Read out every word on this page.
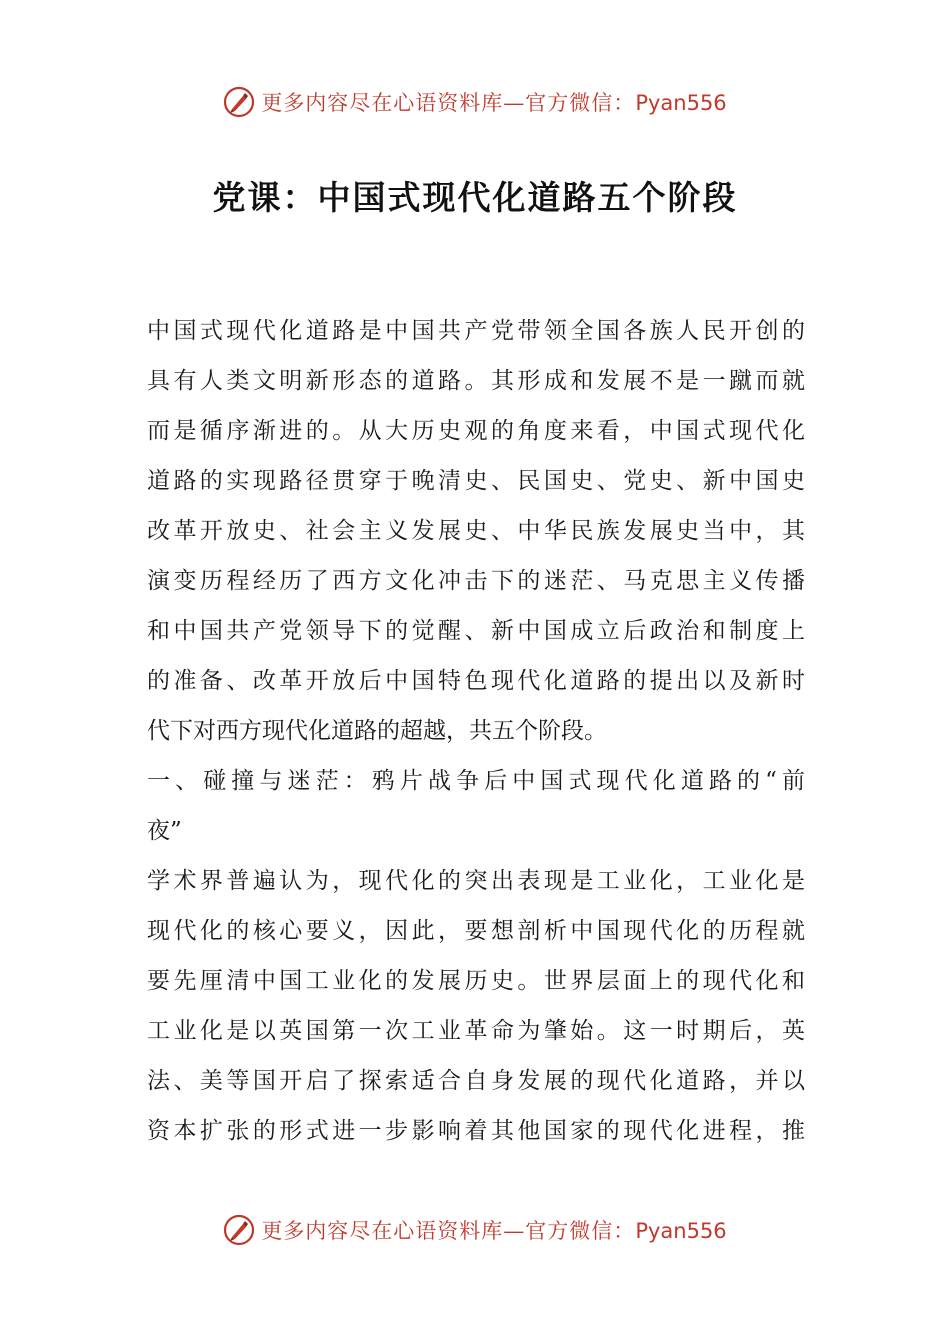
更多内容尽在心语资料库—官方微信：Pyan556
党课：中国式现代化道路五个阶段
中国式现代化道路是中国共产党带领全国各族人民开创的
具有人类文明新形态的道路。其形成和发展不是一蹴而就
而是循序渐进的。从大历史观的角度来看，中国式现代化
道路的实现路径贯穿于晚清史、民国史、党史、新中国史
改革开放史、社会主义发展史、中华民族发展史当中，其
演变历程经历了西方文化冲击下的迷茫、马克思主义传播
和中国共产党领导下的觉醒、新中国成立后政治和制度上
的准备、改革开放后中国特色现代化道路的提出以及新时
代下对西方现代化道路的超越，共五个阶段。
一、碰撞与迷茫：鸦片战争后中国式现代化道路的“前
夜”
学术界普遍认为，现代化的突出表现是工业化，工业化是
现代化的核心要义，因此，要想剖析中国现代化的历程就
要先厘清中国工业化的发展历史。世界层面上的现代化和
工业化是以英国第一次工业革命为肇始。这一时期后，英
法、美等国开启了探索适合自身发展的现代化道路，并以
资本扩张的形式进一步影响着其他国家的现代化进程，推
更多内容尽在心语资料库—官方微信：Pyan556
